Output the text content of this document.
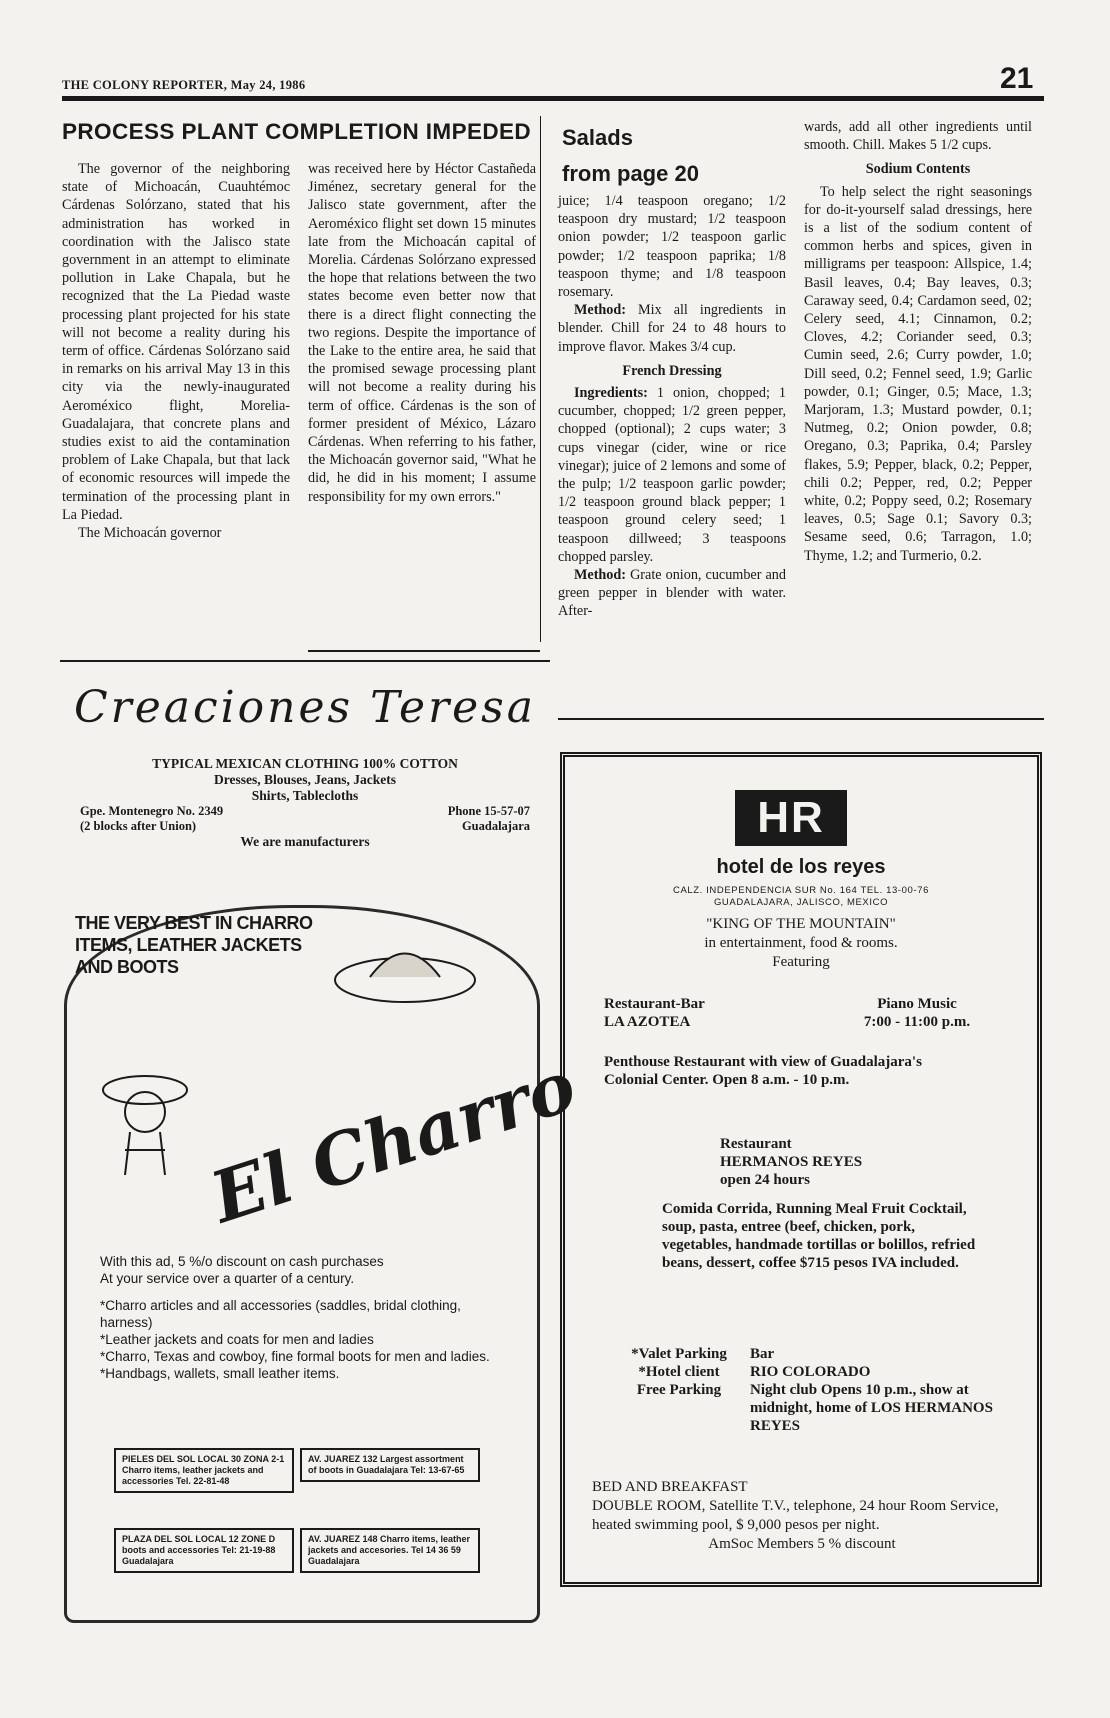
THE COLONY REPORTER, May 24, 1986	21
PROCESS PLANT COMPLETION IMPEDED

The governor of the neighboring state of Michoacán, Cuauhtémoc Cárdenas Solórzano, stated that his administration has worked in coordination with the Jalisco state government in an attempt to eliminate pollution in Lake Chapala, but he recognized that the La Piedad waste processing plant projected for his state will not become a reality during his term of office. Cárdenas Solórzano said in remarks on his arrival May 13 in this city via the newly-inaugurated Aeroméxico flight, Morelia-Guadalajara, that concrete plans and studies exist to aid the contamination problem of Lake Chapala, but that lack of economic resources will impede the termination of the processing plant in La Piedad.

The Michoacán governor

was received here by Héctor Castañeda Jiménez, secretary general for the Jalisco state government, after the Aeroméxico flight set down 15 minutes late from the Michoacán capital of Morelia. Cárdenas Solórzano expressed the hope that relations between the two states become even better now that there is a direct flight connecting the two regions. Despite the importance of the Lake to the entire area, he said that the promised sewage processing plant will not become a reality during his term of office. Cárdenas is the son of former president of México, Lázaro Cárdenas. When referring to his father, the Michoacán governor said, "What he did, he did in his moment; I assume responsibility for my own errors."

Salads
from page 20

juice; 1/4 teaspoon oregano; 1/2 teaspoon dry mustard; 1/2 teaspoon onion powder; 1/2 teaspoon garlic powder; 1/2 teaspoon paprika; 1/8 teaspoon thyme; and 1/8 teaspoon rosemary.

Method: Mix all ingredients in blender. Chill for 24 to 48 hours to improve flavor. Makes 3/4 cup.

French Dressing

Ingredients: 1 onion, chopped; 1 cucumber, chopped; 1/2 green pepper, chopped (optional); 2 cups water; 3 cups vinegar (cider, wine or rice vinegar); juice of 2 lemons and some of the pulp; 1/2 teaspoon garlic powder; 1/2 teaspoon ground black pepper; 1 teaspoon ground celery seed; 1 teaspoon dillweed; 3 teaspoons chopped parsley.

Method: Grate onion, cucumber and green pepper in blender with water. After-

wards, add all other ingredients until smooth. Chill. Makes 5 1/2 cups.

Sodium Contents

To help select the right seasonings for do-it-yourself salad dressings, here is a list of the sodium content of common herbs and spices, given in milligrams per teaspoon: Allspice, 1.4; Basil leaves, 0.4; Bay leaves, 0.3; Caraway seed, 0.4; Cardamon seed, 02; Celery seed, 4.1; Cinnamon, 0.2; Cloves, 4.2; Coriander seed, 0.3; Cumin seed, 2.6; Curry powder, 1.0; Dill seed, 0.2; Fennel seed, 1.9; Garlic powder, 0.1; Ginger, 0.5; Mace, 1.3; Marjoram, 1.3; Mustard powder, 0.1; Nutmeg, 0.2; Onion powder, 0.8; Oregano, 0.3; Paprika, 0.4; Parsley flakes, 5.9; Pepper, black, 0.2; Pepper, chili 0.2; Pepper, red, 0.2; Pepper white, 0.2; Poppy seed, 0.2; Rosemary leaves, 0.5; Sage 0.1; Savory 0.3; Sesame seed, 0.6; Tarragon, 1.0; Thyme, 1.2; and Turmerio, 0.2.

Creaciones Teresa
TYPICAL MEXICAN CLOTHING 100% COTTON
Dresses, Blouses, Jeans, Jackets
Shirts, Tablecloths
Gpe. Montenegro No. 2349
(2 blocks after Union)
Phone 15-57-07
Guadalajara
We are manufacturers
THE VERY BEST IN CHARRO ITEMS, LEATHER JACKETS AND BOOTS
El Charro
With this ad, 5 %/o discount on cash purchases
At your service over a quarter of a century.
*Charro articles and all accessories (saddles, bridal clothing, harness)
*Leather jackets and coats for men and ladies
*Charro, Texas and cowboy, fine formal boots for men and ladies.
*Handbags, wallets, small leather items.
PIELES DEL SOL LOCAL 30 ZONA 2-1 Charro items, leather jackets and accessories Tel. 22-81-48
AV. JUAREZ 132 Largest assortment of boots in Guadalajara Tel: 13-67-65
PLAZA DEL SOL LOCAL 12 ZONE D boots and accessories Tel: 21-19-88 Guadalajara
AV. JUAREZ 148 Charro items, leather jackets and accesories. Tel 14 36 59 Guadalajara
HR
hotel de los reyes
CALZ. INDEPENDENCIA SUR No. 164 TEL. 13-00-76
GUADALAJARA, JALISCO, MEXICO
"KING OF THE MOUNTAIN"
in entertainment, food & rooms.
Featuring
Restaurant-Bar
LA AZOTEA
Piano Music
7:00 - 11:00 p.m.
Penthouse Restaurant with view of Guadalajara's Colonial Center. Open 8 a.m. - 10 p.m.
Restaurant
HERMANOS REYES
open 24 hours
Comida Corrida, Running Meal Fruit Cocktail, soup, pasta, entree (beef, chicken, pork, vegetables, handmade tortillas or bolillos, refried beans, dessert, coffee $715 pesos IVA included.
*Valet Parking
*Hotel client
Free Parking
Bar
RIO COLORADO
Night club Opens 10 p.m., show at midnight, home of LOS HERMANOS REYES
BED AND BREAKFAST
DOUBLE ROOM, Satellite T.V., telephone, 24 hour Room Service, heated swimming pool, $ 9,000 pesos per night.
AmSoc Members 5 % discount
